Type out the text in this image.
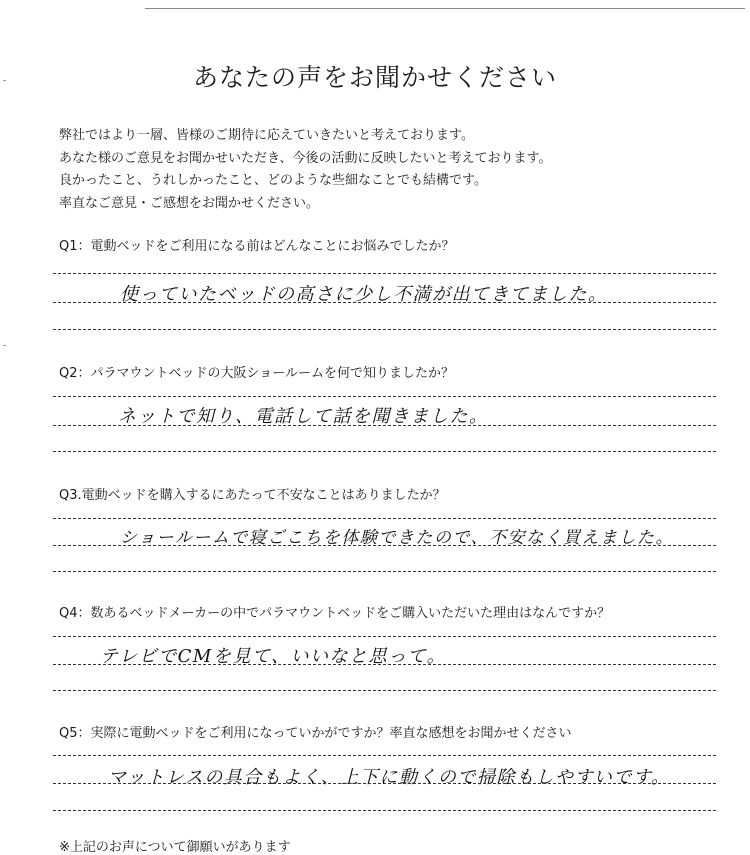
あなたの声をお聞かせください
弊社ではより一層、皆様のご期待に応えていきたいと考えております。
あなた様のご意見をお聞かせいただき、今後の活動に反映したいと考えております。
良かったこと、うれしかったこと、どのような些細なことでも結構です。
率直なご意見・ご感想をお聞かせください。
Q1：電動ベッドをご利用になる前はどんなことにお悩みでしたか？
使っていたベッドの高さに少し不満が出てきてました。
Q2：パラマウントベッドの大阪ショールームを何で知りましたか？
ネットで知り、電話して話を聞きました。
Q3.電動ベッドを購入するにあたって不安なことはありましたか？
ショールームで寝ごこちを体験できたので、不安なく買えました。
Q4：数あるベッドメーカーの中でパラマウントベッドをご購入いただいた理由はなんですか？
テレビでCMを見て、いいなと思って。
Q5：実際に電動ベッドをご利用になっていかがですか？率直な感想をお聞かせください
マットレスの具合もよく、上下に動くので掃除もしやすいです。
※上記のお声について御願いがあります
